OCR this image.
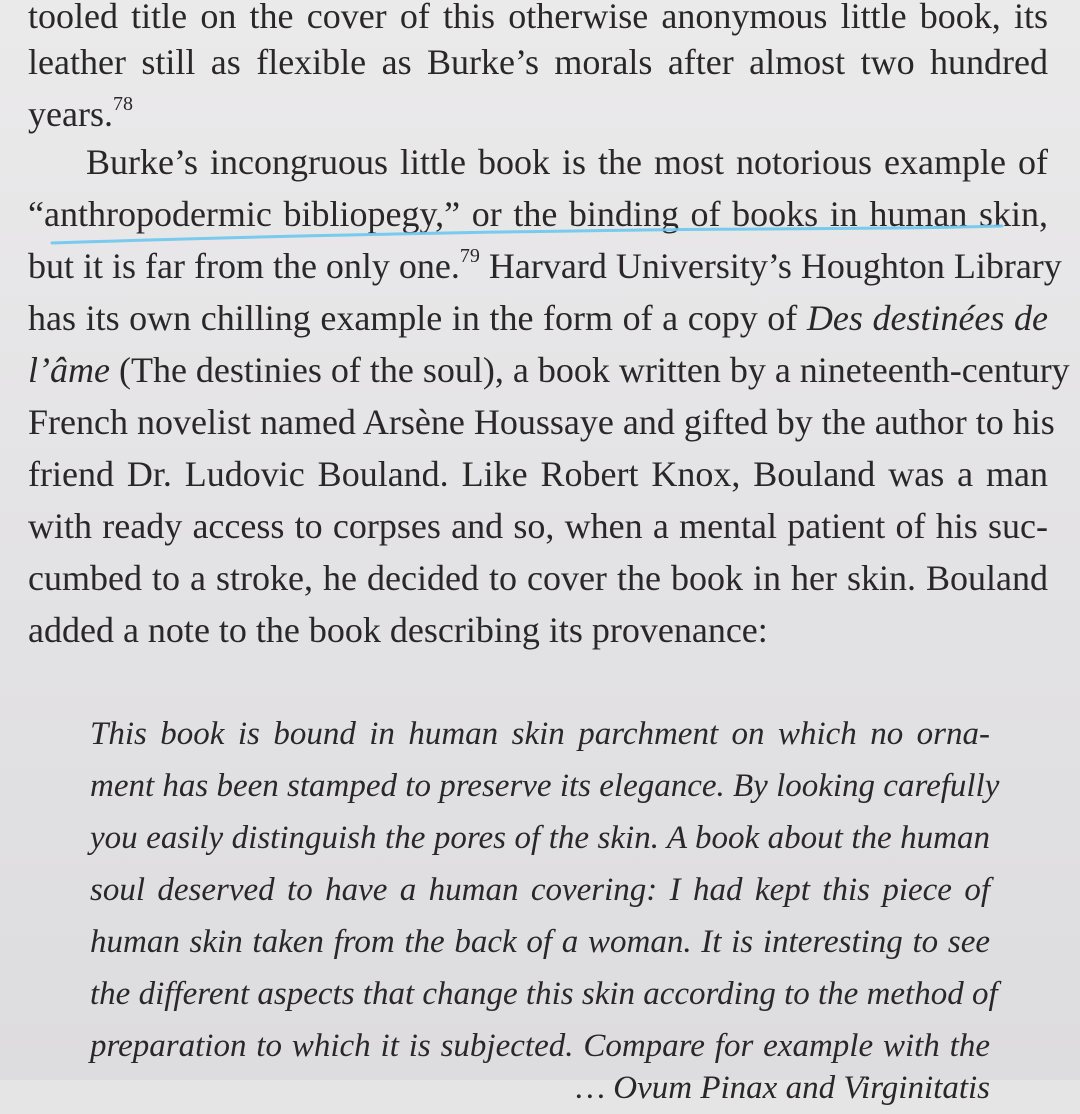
tooled title on the cover of this otherwise anonymous little book, its
leather still as flexible as Burke’s morals after almost two hundred
years.$^{78}$
Burke’s incongruous little book is the most notorious example of
“anthropodermic bibliopegy,” or the binding of books in human skin,
but it is far from the only one.$^{79}$ Harvard University’s Houghton Library
has its own chilling example in the form of a copy of Des destinées de
l’âme (The destinies of the soul), a book written by a nineteenth-century
French novelist named Arsène Houssaye and gifted by the author to his
friend Dr. Ludovic Bouland. Like Robert Knox, Bouland was a man
with ready access to corpses and so, when a mental patient of his suc-
cumbed to a stroke, he decided to cover the book in her skin. Bouland
added a note to the book describing its provenance:
This book is bound in human skin parchment on which no orna-
ment has been stamped to preserve its elegance. By looking carefully
you easily distinguish the pores of the skin. A book about the human
soul deserved to have a human covering: I had kept this piece of
human skin taken from the back of a woman. It is interesting to see
the different aspects that change this skin according to the method of
preparation to which it is subjected. Compare for example with the
… Ovum Pinax and Virginitatis
